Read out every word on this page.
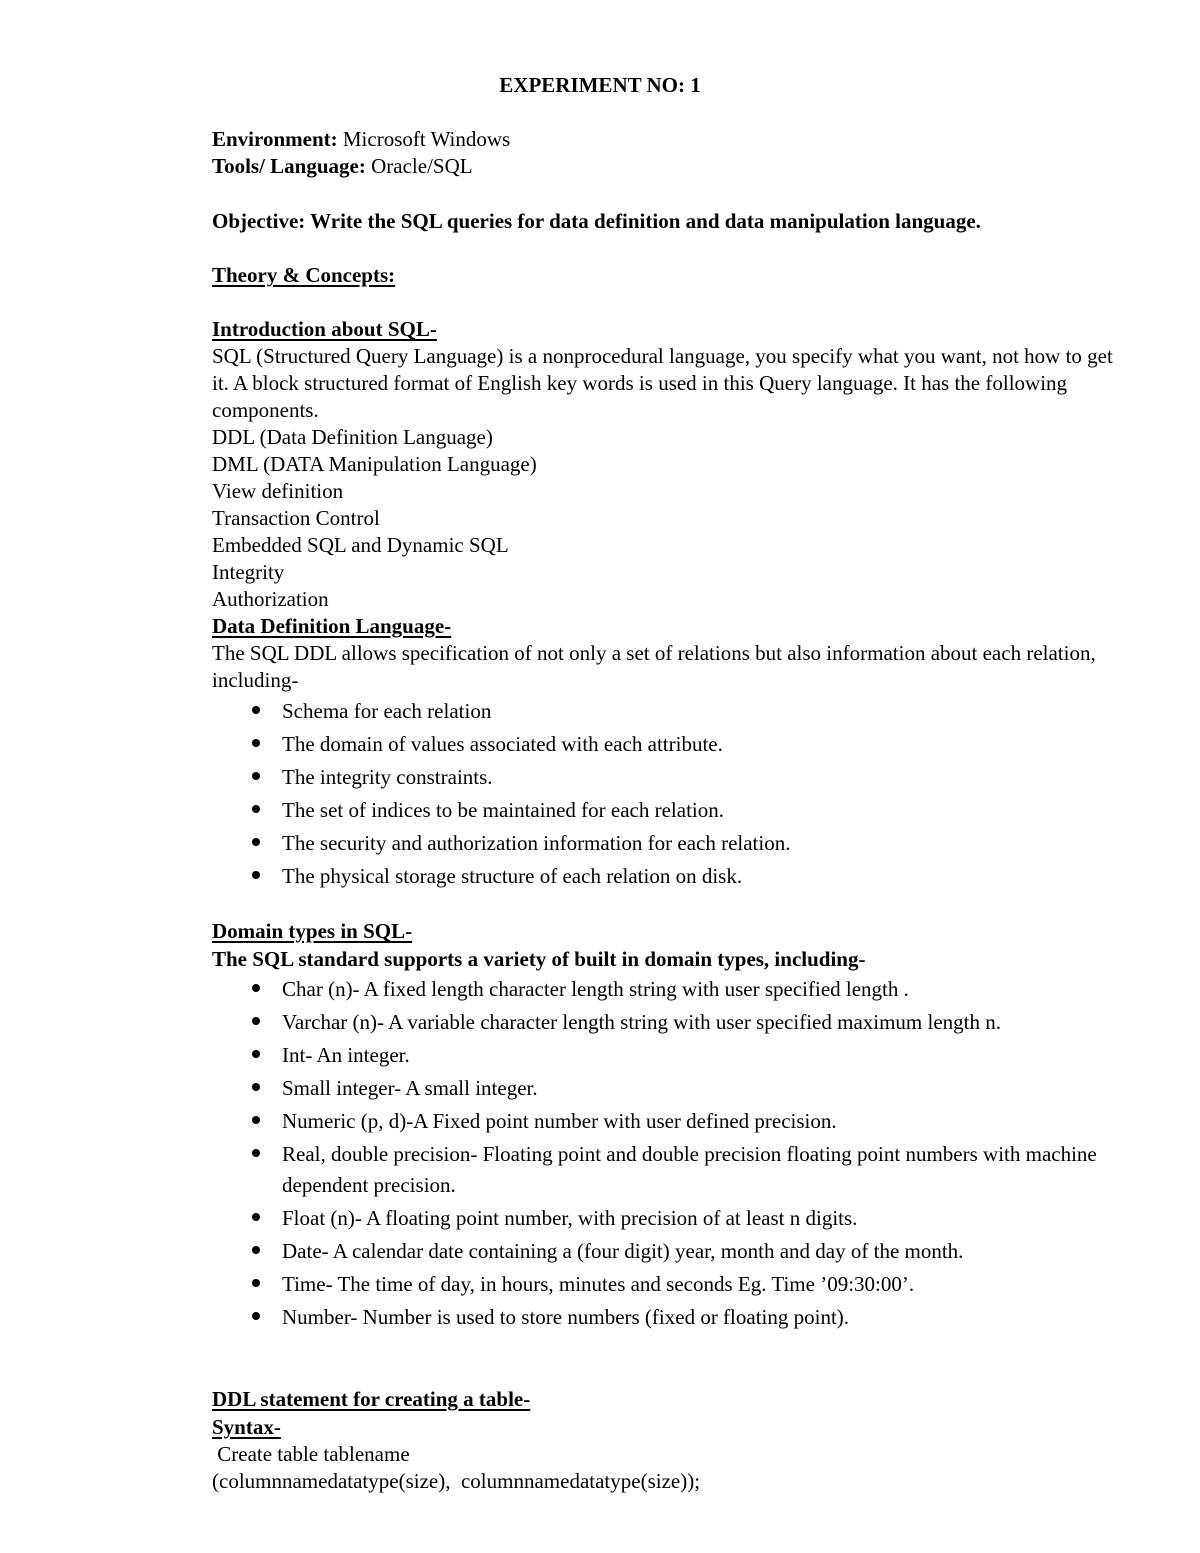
EXPERIMENT NO: 1
Environment: Microsoft Windows
Tools/ Language: Oracle/SQL
Objective: Write the SQL queries for data definition and data manipulation language.
Theory & Concepts:
Introduction about SQL-
SQL (Structured Query Language) is a nonprocedural language, you specify what you want, not how to get it. A block structured format of English key words is used in this Query language. It has the following components.
DDL (Data Definition Language)
DML (DATA Manipulation Language)
View definition
Transaction Control
Embedded SQL and Dynamic SQL
Integrity
Authorization
Data Definition Language-
The SQL DDL allows specification of not only a set of relations but also information about each relation, including-
Schema for each relation
The domain of values associated with each attribute.
The integrity constraints.
The set of indices to be maintained for each relation.
The security and authorization information for each relation.
The physical storage structure of each relation on disk.
Domain types in SQL-
The SQL standard supports a variety of built in domain types, including-
Char (n)- A fixed length character length string with user specified length .
Varchar (n)- A variable character length string with user specified maximum length n.
Int- An integer.
Small integer- A small integer.
Numeric (p, d)-A Fixed point number with user defined precision.
Real, double precision- Floating point and double precision floating point numbers with machine dependent precision.
Float (n)- A floating point number, with precision of at least n digits.
Date- A calendar date containing a (four digit) year, month and day of the month.
Time- The time of day, in hours, minutes and seconds Eg. Time ’09:30:00’.
Number- Number is used to store numbers (fixed or floating point).
DDL statement for creating a table-
Syntax-
Create table tablename
(columnnamedatatype(size),  columnnamedatatype(size));
